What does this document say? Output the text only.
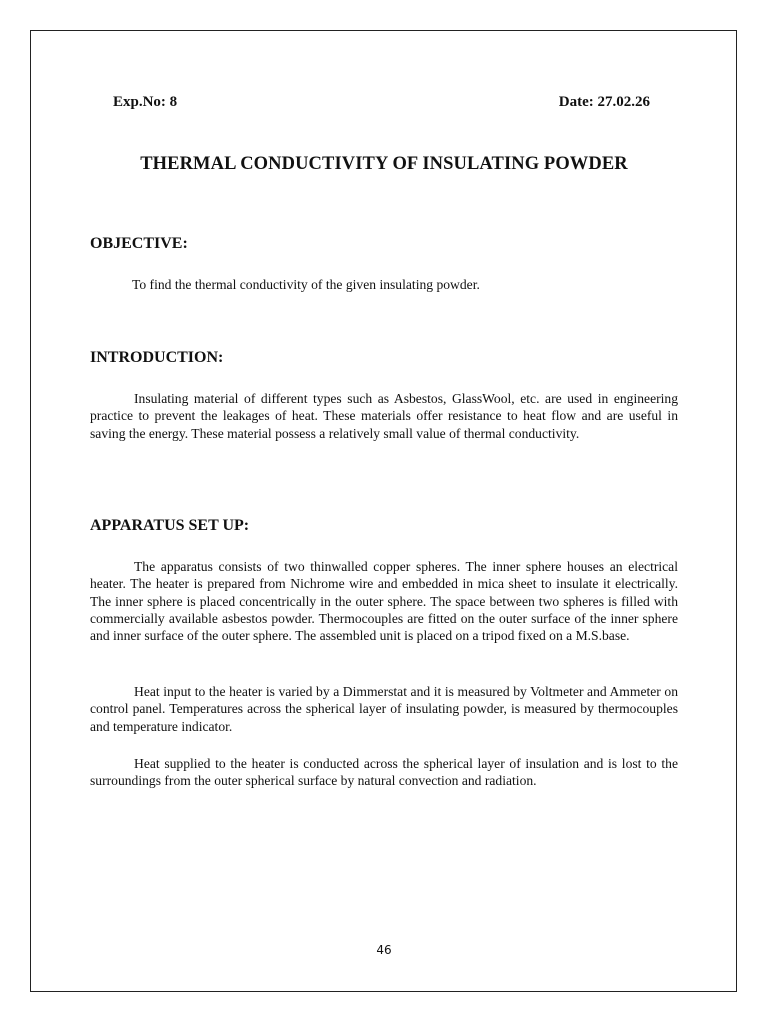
Exp.No: 8	Date: 27.02.26
THERMAL CONDUCTIVITY OF INSULATING POWDER
OBJECTIVE:
To find the thermal conductivity of the given insulating powder.
INTRODUCTION:

Insulating material of different types such as Asbestos, GlassWool, etc. are used in engineering practice to prevent the leakages of heat. These materials offer resistance to heat flow and are useful in saving the energy. These material possess a relatively small value of thermal conductivity.

APPARATUS SET UP:

The apparatus consists of two thinwalled copper spheres. The inner sphere houses an electrical heater. The heater is prepared from Nichrome wire and embedded in mica sheet to insulate it electrically. The inner sphere is placed concentrically in the outer sphere. The space between two spheres is filled with commercially available asbestos powder. Thermocouples are fitted on the outer surface of the inner sphere and inner surface of the outer sphere. The assembled unit is placed on a tripod fixed on a M.S.base.

Heat input to the heater is varied by a Dimmerstat and it is measured by Voltmeter and Ammeter on control panel. Temperatures across the spherical layer of insulating powder, is measured by thermocouples and temperature indicator.

Heat supplied to the heater is conducted across the spherical layer of insulation and is lost to the surroundings from the outer spherical surface by natural convection and radiation.

46
